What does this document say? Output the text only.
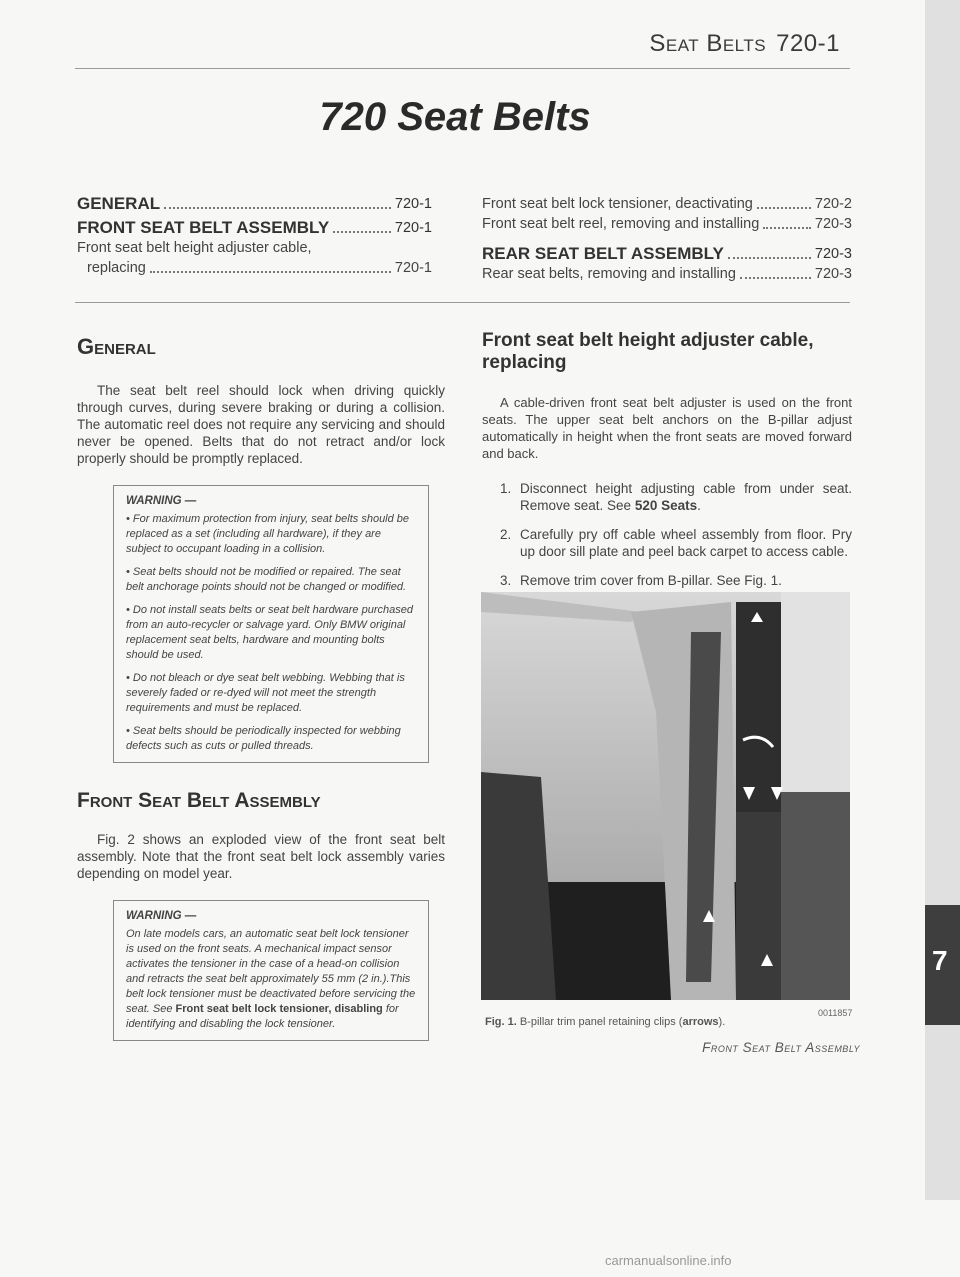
7
Seat Belts 720-1
720 Seat Belts
GENERAL	720-1
FRONT SEAT BELT ASSEMBLY	720-1
Front seat belt height adjuster cable,
replacing	720-1
Front seat belt lock tensioner, deactivating	720-2
Front seat belt reel, removing and installing	720-3
REAR SEAT BELT ASSEMBLY	720-3
Rear seat belts, removing and installing	720-3
General

The seat belt reel should lock when driving quickly through curves, during severe braking or during a collision. The automatic reel does not require any servicing and should never be opened. Belts that do not retract and/or lock properly should be promptly replaced.

WARNING —
• For maximum protection from injury, seat belts should be replaced as a set (including all hardware), if they are subject to occupant loading in a collision.
• Seat belts should not be modified or repaired. The seat belt anchorage points should not be changed or modified.
• Do not install seats belts or seat belt hardware purchased from an auto-recycler or salvage yard. Only BMW original replacement seat belts, hardware and mounting bolts should be used.
• Do not bleach or dye seat belt webbing. Webbing that is severely faded or re-dyed will not meet the strength requirements and must be replaced.
• Seat belts should be periodically inspected for webbing defects such as cuts or pulled threads.
Front Seat Belt Assembly

Fig. 2 shows an exploded view of the front seat belt assembly. Note that the front seat belt lock assembly varies depending on model year.

WARNING —
On late models cars, an automatic seat belt lock tensioner is used on the front seats. A mechanical impact sensor activates the tensioner in the case of a head-on collision and retracts the seat belt approximately 55 mm (2 in.).This belt lock tensioner must be deactivated before servicing the seat. See Front seat belt lock tensioner, disabling for identifying and disabling the lock tensioner.
Front seat belt height adjuster cable, replacing

A cable-driven front seat belt adjuster is used on the front seats. The upper seat belt anchors on the B-pillar adjust automatically in height when the front seats are moved forward and back.

1. Disconnect height adjusting cable from under seat. Remove seat. See 520 Seats.
2. Carefully pry off cable wheel assembly from floor. Pry up door sill plate and peel back carpet to access cable.
3. Remove trim cover from B-pillar. See Fig. 1.
0011857
Fig. 1. B-pillar trim panel retaining clips (arrows).
Front Seat Belt Assembly
carmanualsonline.info
